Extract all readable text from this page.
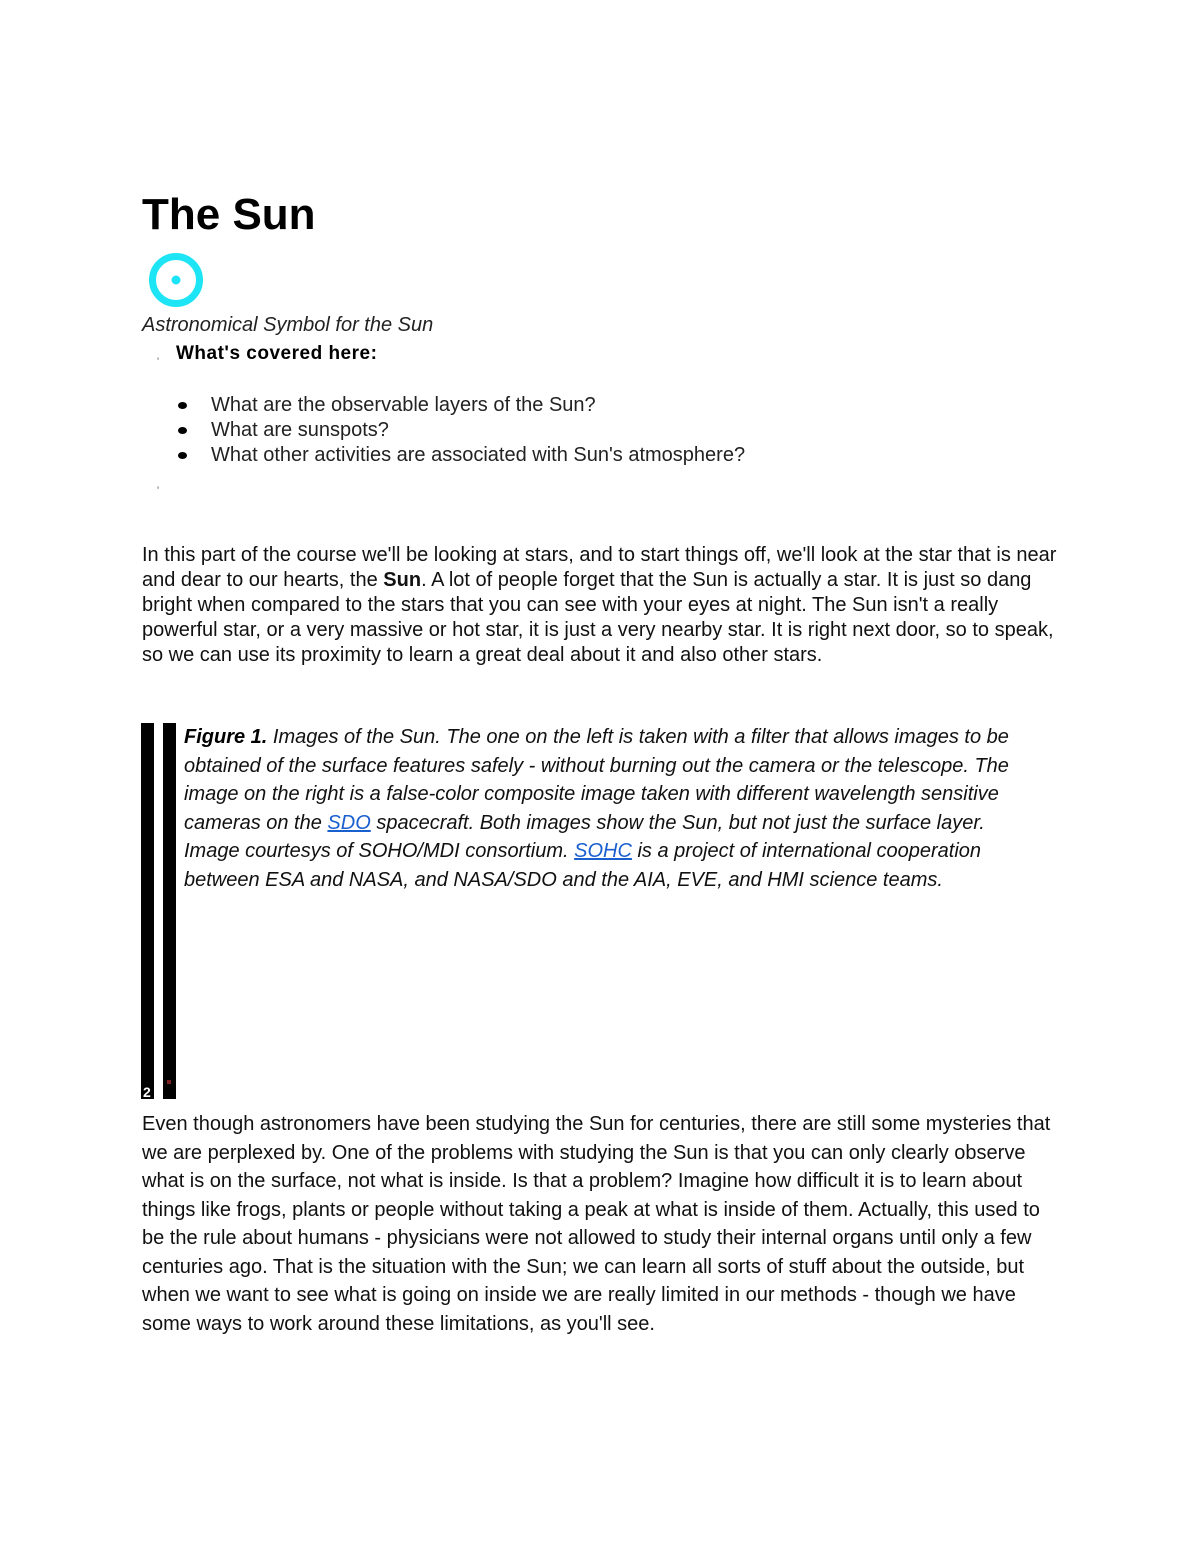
The Sun
Astronomical Symbol for the Sun
' What's covered here:
What are the observable layers of the Sun?
What are sunspots?
What other activities are associated with Sun's atmosphere?
'

In this part of the course we'll be looking at stars, and to start things off, we'll look at the star that is near and dear to our hearts, the Sun. A lot of people forget that the Sun is actually a star. It is just so dang bright when compared to the stars that you can see with your eyes at night. The Sun isn't a really powerful star, or a very massive or hot star, it is just a very nearby star. It is right next door, so to speak, so we can use its proximity to learn a great deal about it and also other stars.

2

Figure 1. Images of the Sun. The one on the left is taken with a filter that allows images to be obtained of the surface features safely - without burning out the camera or the telescope. The image on the right is a false-color composite image taken with different wavelength sensitive cameras on the SDO spacecraft. Both images show the Sun, but not just the surface layer. Image courtesys of SOHO/MDI consortium. SOHC is a project of international cooperation between ESA and NASA, and NASA/SDO and the AIA, EVE, and HMI science teams.

Even though astronomers have been studying the Sun for centuries, there are still some mysteries that we are perplexed by. One of the problems with studying the Sun is that you can only clearly observe what is on the surface, not what is inside. Is that a problem? Imagine how difficult it is to learn about things like frogs, plants or people without taking a peak at what is inside of them. Actually, this used to be the rule about humans - physicians were not allowed to study their internal organs until only a few centuries ago. That is the situation with the Sun; we can learn all sorts of stuff about the outside, but when we want to see what is going on inside we are really limited in our methods - though we have some ways to work around these limitations, as you'll see.
